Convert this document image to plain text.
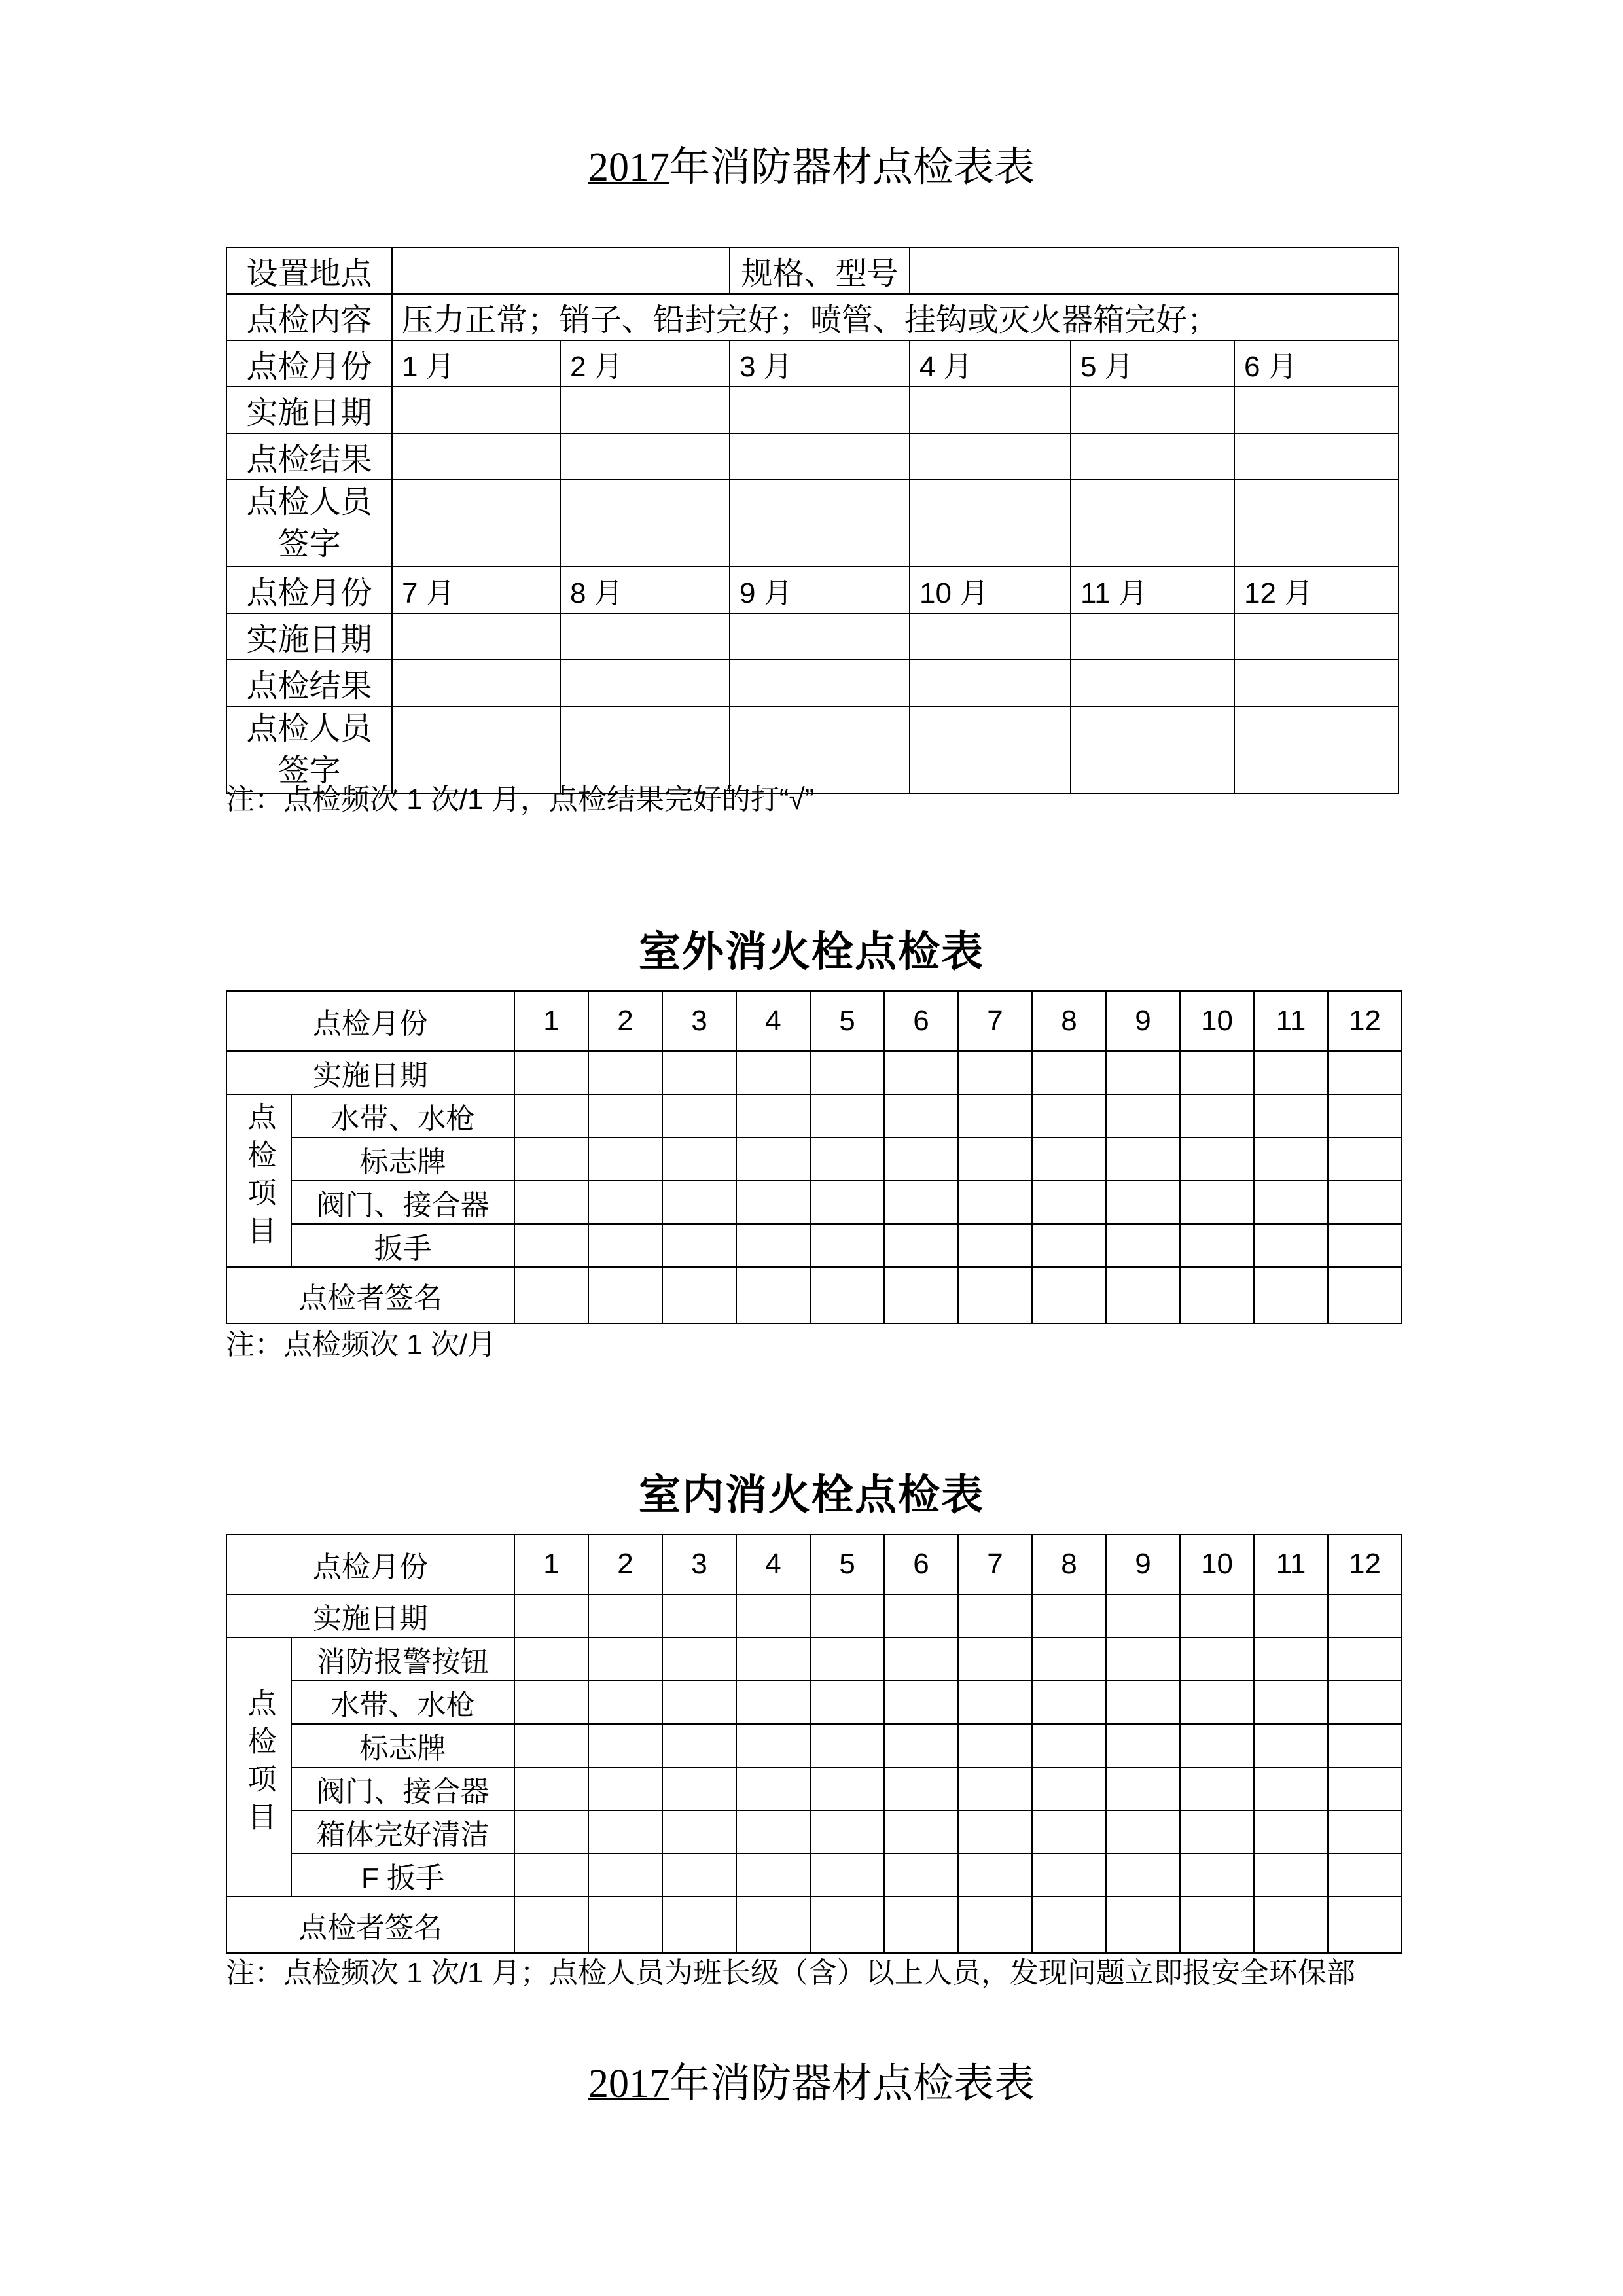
2017年消防器材点检表表
设置地点			规格、型号			
点检内容	压力正常；销子、铅封完好；喷管、挂钩或灭火器箱完好；					
点检月份	1 月	2 月	3 月	4 月	5 月	6 月
实施日期						
点检结果						

点检人员
签字						

点检月份	7 月	8 月	9 月	10 月	11 月	12 月
实施日期						
点检结果						

点检人员
签字						

注：点检频次 1 次/1 月，点检结果完好的打“√”
室外消火栓点检表
点检月份		1	2	3	4	5	6	7	8	9	10	11	12
实施日期													
点检项目	水带、水枪												
	标志牌												
	阀门、接合器												
	扳手												
点检者签名													
注：点检频次 1 次/月
室内消火栓点检表
点检月份		1	2	3	4	5	6	7	8	9	10	11	12
实施日期													
点检项目	消防报警按钮												
	水带、水枪												
	标志牌												
	阀门、接合器												
	箱体完好清洁												
	F 扳手												
点检者签名													
注：点检频次 1 次/1 月；点检人员为班长级（含）以上人员，发现问题立即报安全环保部
2017年消防器材点检表表
